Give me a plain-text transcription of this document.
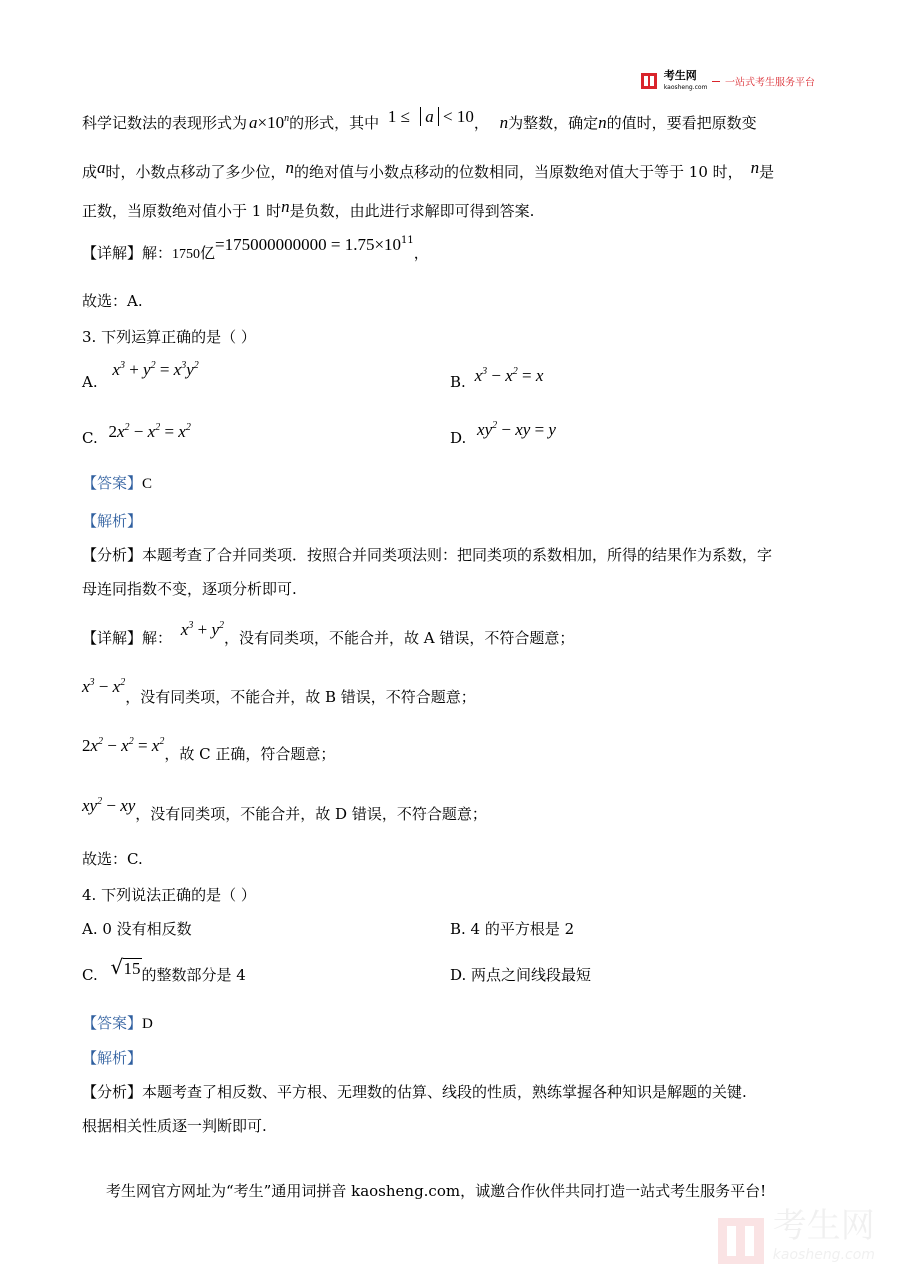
考生网
kaosheng.com 一站式考生服务平台
科学记数法的表现形式为 $a\times 10^n$的形式，其中 1 ≤ a < 10， n为整数，确定n的值时，要看把原数变
成a时，小数点移动了多少位，n的绝对值与小数点移动的位数相同，当原数绝对值大于等于 10 时， n是
正数，当原数绝对值小于 1 时n是负数，由此进行求解即可得到答案.
【详解】解：1750亿$=175000000000 = 1.75\times 10^{11}$，
故选：A.
3. 下列运算正确的是（ ）
A. $x^3 + y^2 = x^3y^2$
B. $x^3 - x^2 = x$
C. $2x^2 - x^2 = x^2$
D. $xy^2$ − xy = y
【答案】C
【解析】
【分析】本题考查了合并同类项．按照合并同类项法则：把同类项的系数相加，所得的结果作为系数，字
母连同指数不变，逐项分析即可.
【详解】解： $x^3 + y^2$，没有同类项，不能合并，故 A 错误，不符合题意；
$x^3 - x^2$，没有同类项，不能合并，故 B 错误，不符合题意；
$2x^2 - x^2 = x^2$，故 C 正确，符合题意；
$xy^2$ − xy，没有同类项，不能合并，故 D 错误，不符合题意；
故选：C.
4. 下列说法正确的是（ ）
A. 0 没有相反数	B. 4 的平方根是 2
C. √ 15的整数部分是 4	D. 两点之间线段最短
【答案】D
【解析】
【分析】本题考查了相反数、平方根、无理数的估算、线段的性质，熟练掌握各种知识是解题的关键.
根据相关性质逐一判断即可.
考生网官方网址为“考生”通用词拼音 kaosheng.com，诚邀合作伙伴共同打造一站式考生服务平台!
考生网
kaosheng.com
